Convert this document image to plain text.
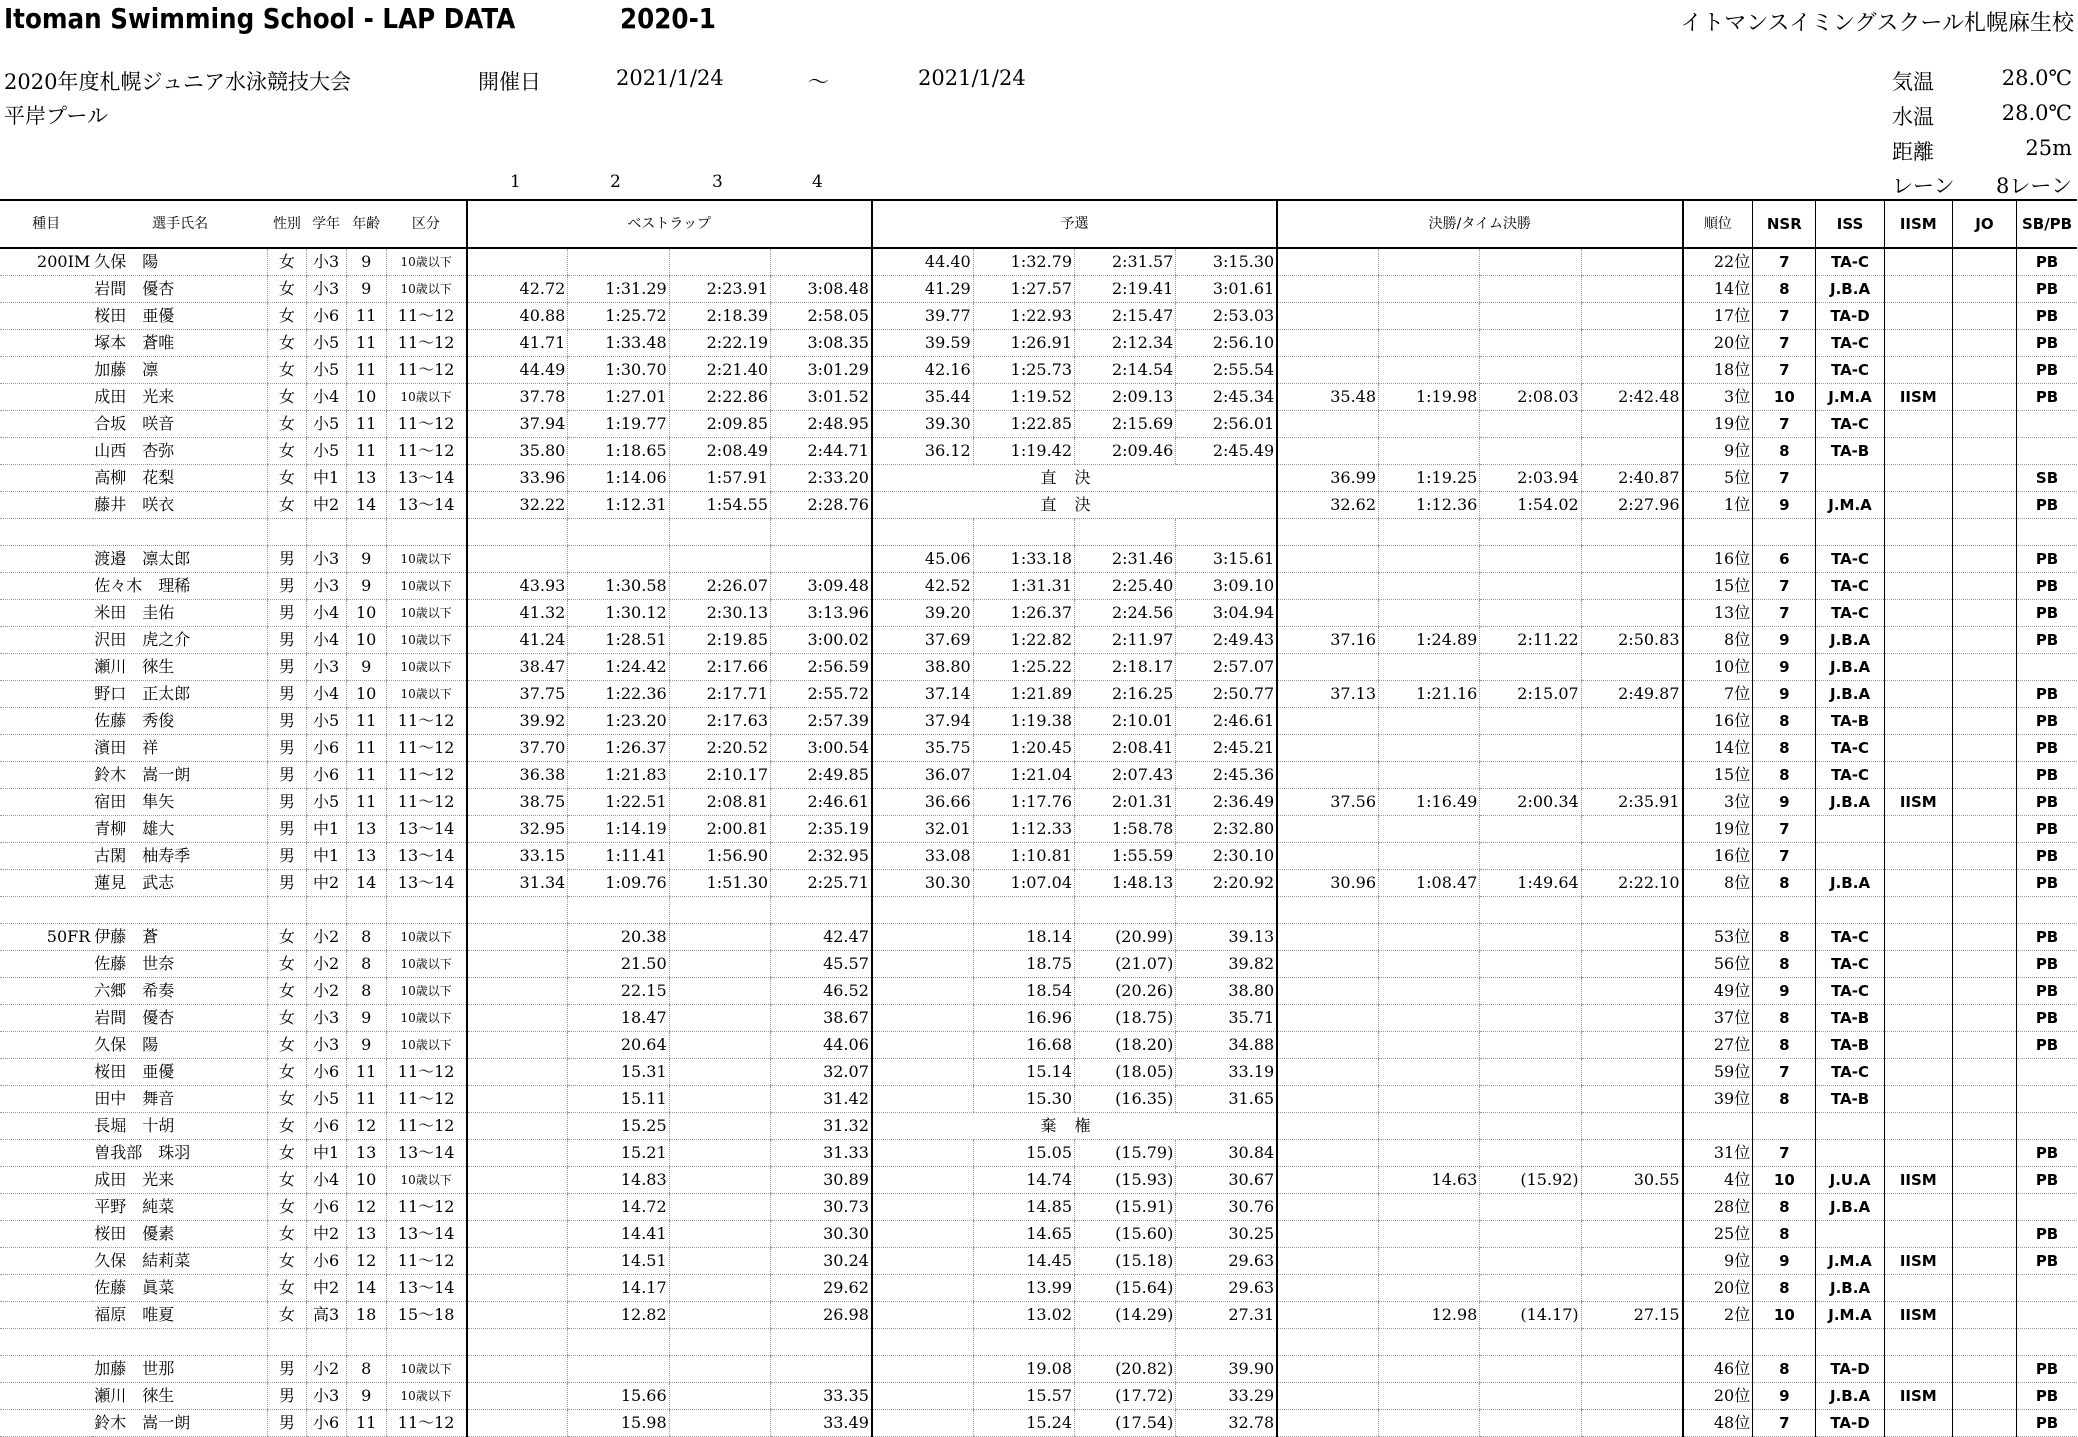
Itoman Swimming School - LAP DATA	2020-1	イトマンスイミングスクール札幌麻生校
2020年度札幌ジュニア水泳競技大会
平岸プール
開催日	2021/1/24	～	2021/1/24	気温	28.0℃
水温	28.0℃
距離	25m
レーン 8レーン
1	2	3	4
種目	選手氏名	性別	学年	年齢	区分	ベストラップ				予選				決勝/タイム決勝				順位	NSR	ISS	IISM	JO	SB/PB
200IM	久保　陽	女	小3	9	10歳以下					44.40	1:32.79	2:31.57	3:15.30					22位	7	TA-C			PB
	岩間　優杏	女	小3	9	10歳以下	42.72	1:31.29	2:23.91	3:08.48	41.29	1:27.57	2:19.41	3:01.61					14位	8	J.B.A			PB
	桜田　亜優	女	小6	11	11～12	40.88	1:25.72	2:18.39	2:58.05	39.77	1:22.93	2:15.47	2:53.03					17位	7	TA-D			PB
	塚本　蒼唯	女	小5	11	11～12	41.71	1:33.48	2:22.19	3:08.35	39.59	1:26.91	2:12.34	2:56.10					20位	7	TA-C			PB
	加藤　凛	女	小5	11	11～12	44.49	1:30.70	2:21.40	3:01.29	42.16	1:25.73	2:14.54	2:55.54					18位	7	TA-C			PB
	成田　光来	女	小4	10	10歳以下	37.78	1:27.01	2:22.86	3:01.52	35.44	1:19.52	2:09.13	2:45.34	35.48	1:19.98	2:08.03	2:42.48	3位	10	J.M.A	IISM		PB
	合坂　咲音	女	小5	11	11～12	37.94	1:19.77	2:09.85	2:48.95	39.30	1:22.85	2:15.69	2:56.01					19位	7	TA-C			
	山西　杏弥	女	小5	11	11～12	35.80	1:18.65	2:08.49	2:44.71	36.12	1:19.42	2:09.46	2:45.49					9位	8	TA-B			
	高柳　花梨	女	中1	13	13～14	33.96	1:14.06	1:57.91	2:33.20	直決				36.99	1:19.25	2:03.94	2:40.87	5位	7				SB
	藤井　咲衣	女	中2	14	13～14	32.22	1:12.31	1:54.55	2:28.76	直決				32.62	1:12.36	1:54.02	2:27.96	1位	9	J.M.A			PB

	渡邉　凛太郎	男	小3	9	10歳以下					45.06	1:33.18	2:31.46	3:15.61					16位	6	TA-C			PB
	佐々木　理稀	男	小3	9	10歳以下	43.93	1:30.58	2:26.07	3:09.48	42.52	1:31.31	2:25.40	3:09.10					15位	7	TA-C			PB
	米田　圭佑	男	小4	10	10歳以下	41.32	1:30.12	2:30.13	3:13.96	39.20	1:26.37	2:24.56	3:04.94					13位	7	TA-C			PB
	沢田　虎之介	男	小4	10	10歳以下	41.24	1:28.51	2:19.85	3:00.02	37.69	1:22.82	2:11.97	2:49.43	37.16	1:24.89	2:11.22	2:50.83	8位	9	J.B.A			PB
	瀬川　徠生	男	小3	9	10歳以下	38.47	1:24.42	2:17.66	2:56.59	38.80	1:25.22	2:18.17	2:57.07					10位	9	J.B.A			
	野口　正太郎	男	小4	10	10歳以下	37.75	1:22.36	2:17.71	2:55.72	37.14	1:21.89	2:16.25	2:50.77	37.13	1:21.16	2:15.07	2:49.87	7位	9	J.B.A			PB
	佐藤　秀俊	男	小5	11	11～12	39.92	1:23.20	2:17.63	2:57.39	37.94	1:19.38	2:10.01	2:46.61					16位	8	TA-B			PB
	濱田　祥	男	小6	11	11～12	37.70	1:26.37	2:20.52	3:00.54	35.75	1:20.45	2:08.41	2:45.21					14位	8	TA-C			PB
	鈴木　嵩一朗	男	小6	11	11～12	36.38	1:21.83	2:10.17	2:49.85	36.07	1:21.04	2:07.43	2:45.36					15位	8	TA-C			PB
	宿田　隼矢	男	小5	11	11～12	38.75	1:22.51	2:08.81	2:46.61	36.66	1:17.76	2:01.31	2:36.49	37.56	1:16.49	2:00.34	2:35.91	3位	9	J.B.A	IISM		PB
	青柳　雄大	男	中1	13	13～14	32.95	1:14.19	2:00.81	2:35.19	32.01	1:12.33	1:58.78	2:32.80					19位	7				PB
	古閑　柚寿季	男	中1	13	13～14	33.15	1:11.41	1:56.90	2:32.95	33.08	1:10.81	1:55.59	2:30.10					16位	7				PB
	蓮見　武志	男	中2	14	13～14	31.34	1:09.76	1:51.30	2:25.71	30.30	1:07.04	1:48.13	2:20.92	30.96	1:08.47	1:49.64	2:22.10	8位	8	J.B.A			PB

50FR	伊藤　蒼	女	小2	8	10歳以下		20.38		42.47		18.14	(20.99)	39.13					53位	8	TA-C			PB
	佐藤　世奈	女	小2	8	10歳以下		21.50		45.57		18.75	(21.07)	39.82					56位	8	TA-C			PB
	六郷　希奏	女	小2	8	10歳以下		22.15		46.52		18.54	(20.26)	38.80					49位	9	TA-C			PB
	岩間　優杏	女	小3	9	10歳以下		18.47		38.67		16.96	(18.75)	35.71					37位	8	TA-B			PB
	久保　陽	女	小3	9	10歳以下		20.64		44.06		16.68	(18.20)	34.88					27位	8	TA-B			PB
	桜田　亜優	女	小6	11	11～12		15.31		32.07		15.14	(18.05)	33.19					59位	7	TA-C			
	田中　舞音	女	小5	11	11～12		15.11		31.42		15.30	(16.35)	31.65					39位	8	TA-B			
	長堀　十胡	女	小6	12	11～12		15.25		31.32	棄権													
	曽我部　珠羽	女	中1	13	13～14		15.21		31.33		15.05	(15.79)	30.84					31位	7				PB
	成田　光来	女	小4	10	10歳以下		14.83		30.89		14.74	(15.93)	30.67		14.63	(15.92)	30.55	4位	10	J.U.A	IISM		PB
	平野　純菜	女	小6	12	11～12		14.72		30.73		14.85	(15.91)	30.76					28位	8	J.B.A			
	桜田　優素	女	中2	13	13～14		14.41		30.30		14.65	(15.60)	30.25					25位	8				PB
	久保　結莉菜	女	小6	12	11～12		14.51		30.24		14.45	(15.18)	29.63					9位	9	J.M.A	IISM		PB
	佐藤　眞菜	女	中2	14	13～14		14.17		29.62		13.99	(15.64)	29.63					20位	8	J.B.A			
	福原　唯夏	女	高3	18	15～18		12.82		26.98		13.02	(14.29)	27.31		12.98	(14.17)	27.15	2位	10	J.M.A	IISM		

	加藤　世那	男	小2	8	10歳以下						19.08	(20.82)	39.90					46位	8	TA-D			PB
	瀬川　徠生	男	小3	9	10歳以下		15.66		33.35		15.57	(17.72)	33.29					20位	9	J.B.A	IISM		PB
	鈴木　嵩一朗	男	小6	11	11～12		15.98		33.49		15.24	(17.54)	32.78					48位	7	TA-D			PB
